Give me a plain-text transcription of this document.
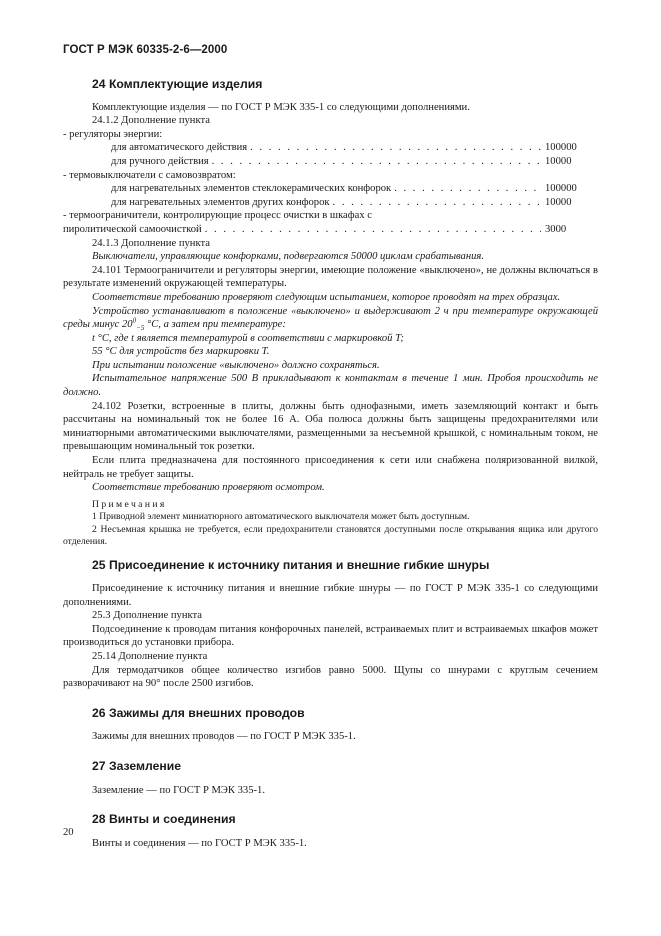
ГОСТ Р МЭК 60335-2-6—2000
24 Комплектующие изделия

Комплектующие изделия — по ГОСТ Р МЭК 335-1 со следующими дополнениями.

24.1.2 Дополнение пункта

- регуляторы энергии:

для автоматического действия . . .	100000
для ручного действия . . .	10000

- термовыключатели с самовозвратом:

для нагревательных элементов стеклокерамических конфорок . . .	100000
для нагревательных элементов других конфорок . . .	10000

- термоограничители, контролирующие процесс очистки в шкафах с

пиролитической самоочисткой . . .	3000

24.1.3 Дополнение пункта

Выключатели, управляющие конфорками, подвергаются 50000 циклам срабатывания.

24.101 Термоограничители и регуляторы энергии, имеющие положение «выключено», не должны включаться в результате изменений окружающей температуры.

Соответствие требованию проверяют следующим испытанием, которое проводят на трех образцах.

Устройство устанавливают в положение «выключено» и выдерживают 2 ч при температуре окружающей среды минус $20^0_{-5}$ °С, а затем при температуре:

t °С, где t является температурой в соответствии с маркировкой T;

55 °С для устройств без маркировки T.

При испытании положение «выключено» должно сохраняться.

Испытательное напряжение 500 В прикладывают к контактам в течение 1 мин. Пробоя происходить не должно.

24.102 Розетки, встроенные в плиты, должны быть однофазными, иметь заземляющий контакт и быть рассчитаны на номинальный ток не более 16 А. Оба полюса должны быть защищены предохранителями или миниатюрными автоматическими выключателями, размещенными за несъемной крышкой, с номинальным током, не превышающим номинальный ток розетки.

Если плита предназначена для постоянного присоединения к сети или снабжена поляризованной вилкой, нейтраль не требует защиты.

Соответствие требованию проверяют осмотром.

Примечания

1 Приводной элемент миниатюрного автоматического выключателя может быть доступным.

2 Несъемная крышка не требуется, если предохранители становятся доступными после открывания ящика или другого отделения.

25 Присоединение к источнику питания и внешние гибкие шнуры

Присоединение к источнику питания и внешние гибкие шнуры — по ГОСТ Р МЭК 335-1 со следующими дополнениями.

25.3 Дополнение пункта

Подсоединение к проводам питания конфорочных панелей, встраиваемых плит и встраиваемых шкафов может производиться до установки прибора.

25.14 Дополнение пункта

Для термодатчиков общее количество изгибов равно 5000. Щупы со шнурами с круглым сечением разворачивают на 90° после 2500 изгибов.

26 Зажимы для внешних проводов

Зажимы для внешних проводов — по ГОСТ Р МЭК 335-1.

27 Заземление

Заземление — по ГОСТ Р МЭК 335-1.

28 Винты и соединения

Винты и соединения — по ГОСТ Р МЭК 335-1.

20
